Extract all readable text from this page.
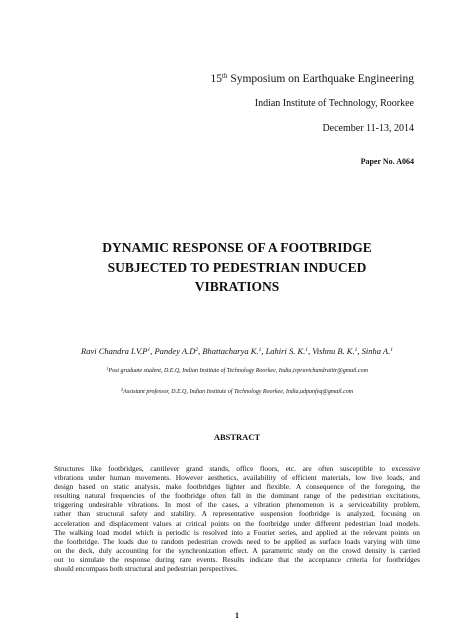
15th Symposium on Earthquake Engineering
Indian Institute of Technology, Roorkee
December 11-13, 2014
Paper No. A064
DYNAMIC RESPONSE OF A FOOTBRIDGE
SUBJECTED TO PEDESTRIAN INDUCED
VIBRATIONS
Ravi Chandra $I.V.P^1$, Pandey $A.D^2$, Bhattacharya K.$^1$, Lahiri S. K.$^1$, Vishnu B. K.$^1$, Sinha A.$^1$
$^1$Post graduate student, D.E.Q, Indian Institute of Technology Roorkee, India,ivpravichandraiitr@gmail.com
$^2$Assistant professor, D.E.Q, Indian Institute of Technology Roorkee, India,adpanfeq@gmail.com
ABSTRACT
Structures like footbridges, cantilever grand stands, office floors, etc. are often susceptible to excessive
vibrations under human movements. However aesthetics, availability of efficient materials, low live loads, and
design based on static analysis, make footbridges lighter and flexible. A consequence of the foregoing, the
resulting natural frequencies of the footbridge often fall in the dominant range of the pedestrian excitations,
triggering undesirable vibrations. In most of the cases, a vibration phenomenon is a serviceability problem,
rather than structural safety and stability. A representative suspension footbridge is analyzed, focusing on
acceleration and displacement values at critical points on the footbridge under different pedestrian load models.
The walking load model which is periodic is resolved into a Fourier series, and applied at the relevant points on
the footbridge. The loads due to random pedestrian crowds need to be applied as surface loads varying with time
on the deck, duly accounting for the synchronization effect. A parametric study on the crowd density is carried
out to simulate the response during rare events. Results indicate that the acceptance criteria for footbridges
should encompass both structural and pedestrian perspectives.
1
